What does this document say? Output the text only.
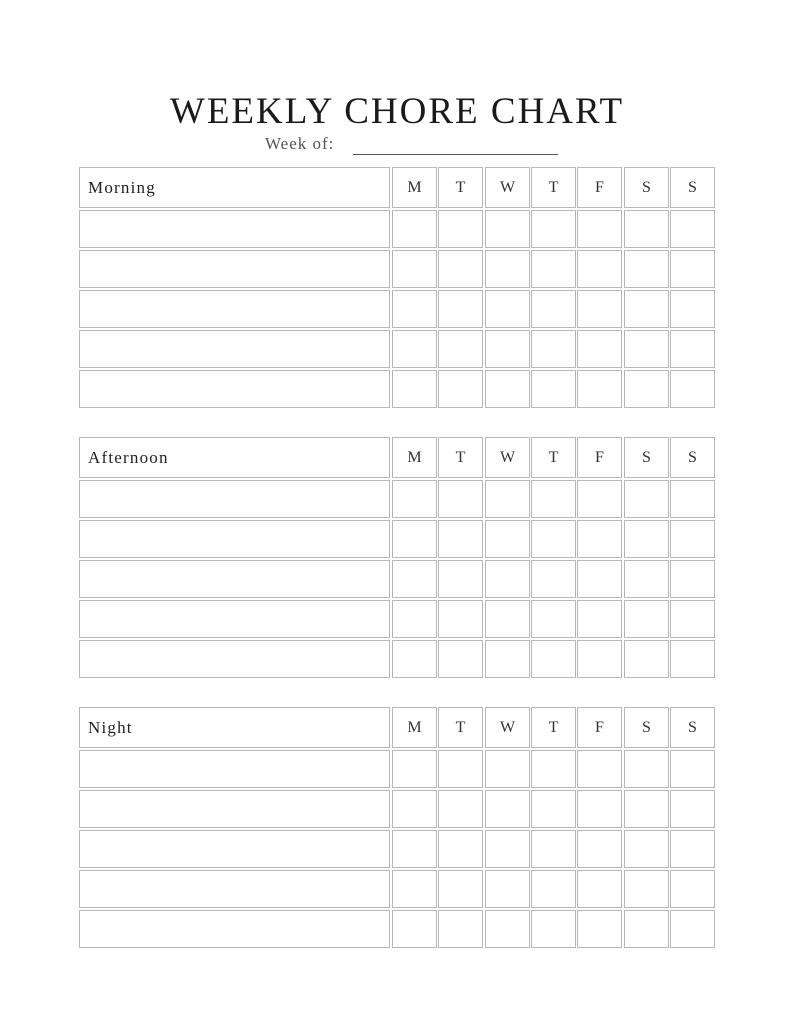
WEEKLY CHORE CHART
Week of:
Morning	M	T	W	T	F	S	S
Afternoon	M	T	W	T	F	S	S
Night	M	T	W	T	F	S	S
